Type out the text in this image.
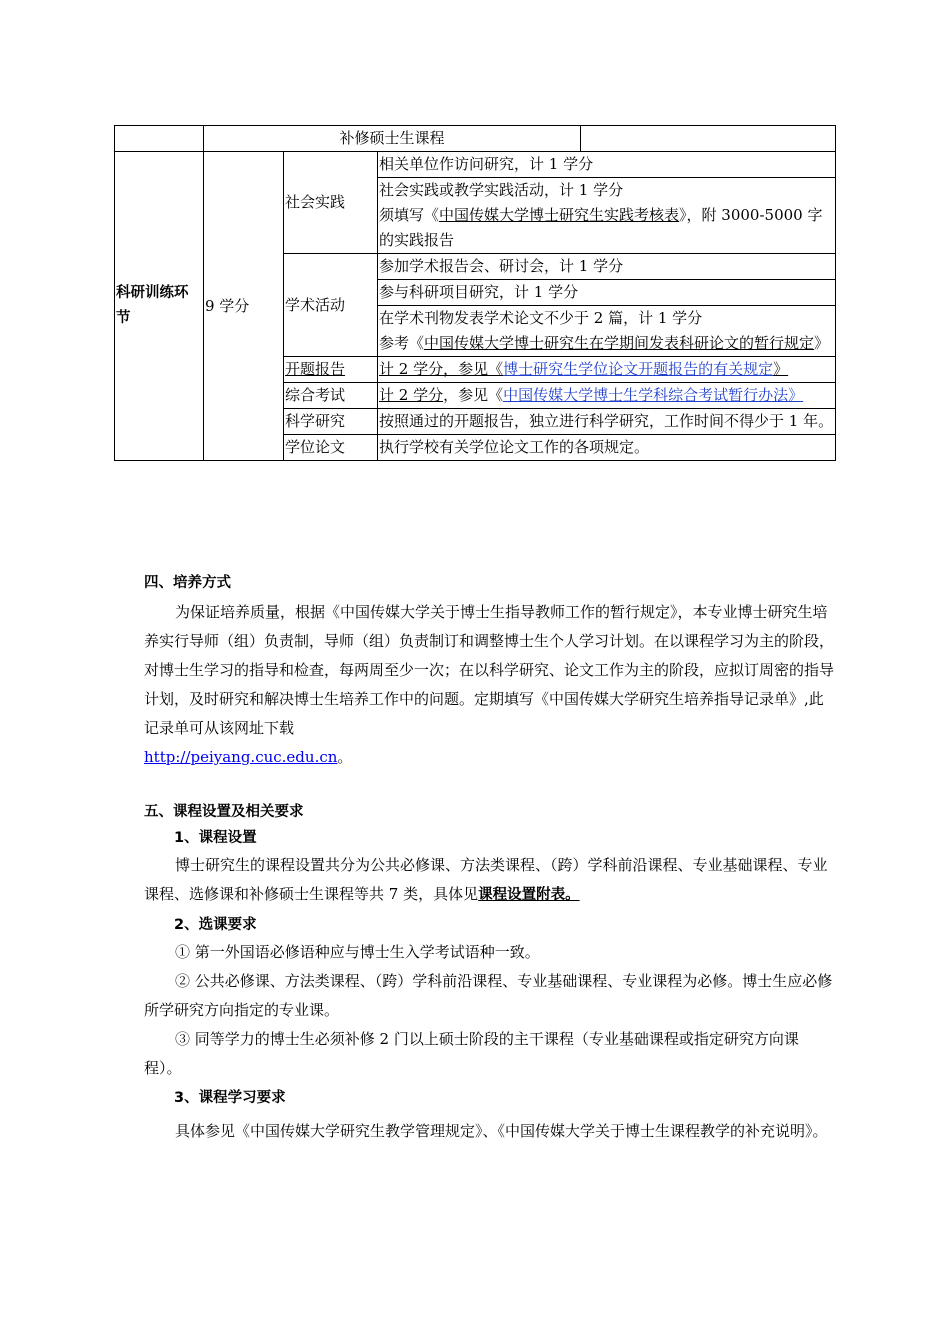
	补修硕士生课程			
科研训练环节	9 学分	社会实践	相关单位作访问研究，计 1 学分	
			社会实践或教学实践活动，计 1 学分
须填写《中国传媒大学博士研究生实践考核表》，附 3000-5000 字的实践报告	
		学术活动	参加学术报告会、研讨会，计 1 学分	
			参与科研项目研究，计 1 学分	
			在学术刊物发表学术论文不少于 2 篇，计 1 学分	
			参考《中国传媒大学博士研究生在学期间发表科研论文的暂行规定》	
		开题报告	计 2 学分，参见《博士研究生学位论文开题报告的有关规定》	
		综合考试	计 2 学分，参见《中国传媒大学博士生学科综合考试暂行办法》	
		科学研究	按照通过的开题报告，独立进行科学研究，工作时间不得少于 1 年。	
		学位论文	执行学校有关学位论文工作的各项规定。	
四、培养方式

为保证培养质量，根据《中国传媒大学关于博士生指导教师工作的暂行规定》，本专业博士研究生培养实行导师（组）负责制，导师（组）负责制订和调整博士生个人学习计划。在以课程学习为主的阶段，对博士生学习的指导和检查，每两周至少一次；在以科学研究、论文工作为主的阶段，应拟订周密的指导计划，及时研究和解决博士生培养工作中的问题。定期填写《中国传媒大学研究生培养指导记录单》,此记录单可从该网址下载
http://peiyang.cuc.edu.cn。

五、课程设置及相关要求
1、课程设置

博士研究生的课程设置共分为公共必修课、方法类课程、（跨）学科前沿课程、专业基础课程、专业课程、选修课和补修硕士生课程等共 7 类，具体见课程设置附表。

2、选课要求

① 第一外国语必修语种应与博士生入学考试语种一致。

② 公共必修课、方法类课程、（跨）学科前沿课程、专业基础课程、专业课程为必修。博士生应必修所学研究方向指定的专业课。

③ 同等学力的博士生必须补修 2 门以上硕士阶段的主干课程（专业基础课程或指定研究方向课程）。

3、课程学习要求

具体参见《中国传媒大学研究生教学管理规定》、《中国传媒大学关于博士生课程教学的补充说明》。
